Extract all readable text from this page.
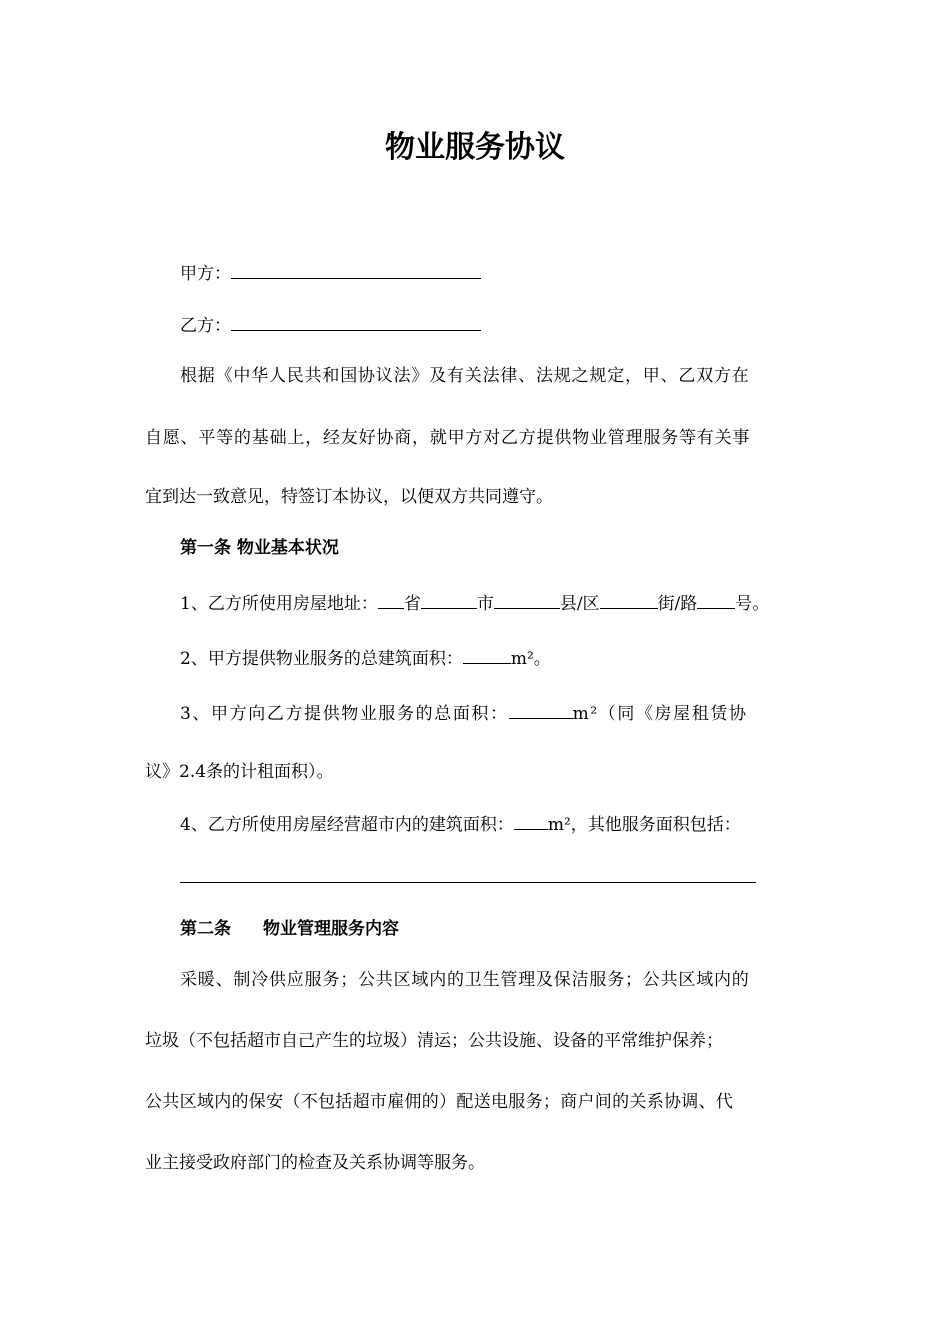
物业服务协议
甲方：
乙方：
根据《中华人民共和国协议法》及有关法律、法规之规定，甲、乙双方在
自愿、平等的基础上，经友好协商，就甲方对乙方提供物业管理服务等有关事
宜到达一致意见，特签订本协议，以便双方共同遵守。
第一条 物业基本状况
1、乙方所使用房屋地址： 省	市	县/区	街/路 号。
2、甲方提供物业服务的总建筑面积：	m²。
3、甲方向乙方提供物业服务的总面积：	m²（同《房屋租赁协
议》2.4条的计租面积）。
4、乙方所使用房屋经营超市内的建筑面积： m²，其他服务面积包括：
第二条 物业管理服务内容
采暖、制冷供应服务；公共区域内的卫生管理及保洁服务；公共区域内的
垃圾（不包括超市自己产生的垃圾）清运；公共设施、设备的平常维护保养；
公共区域内的保安（不包括超市雇佣的）配送电服务；商户间的关系协调、代
业主接受政府部门的检查及关系协调等服务。
